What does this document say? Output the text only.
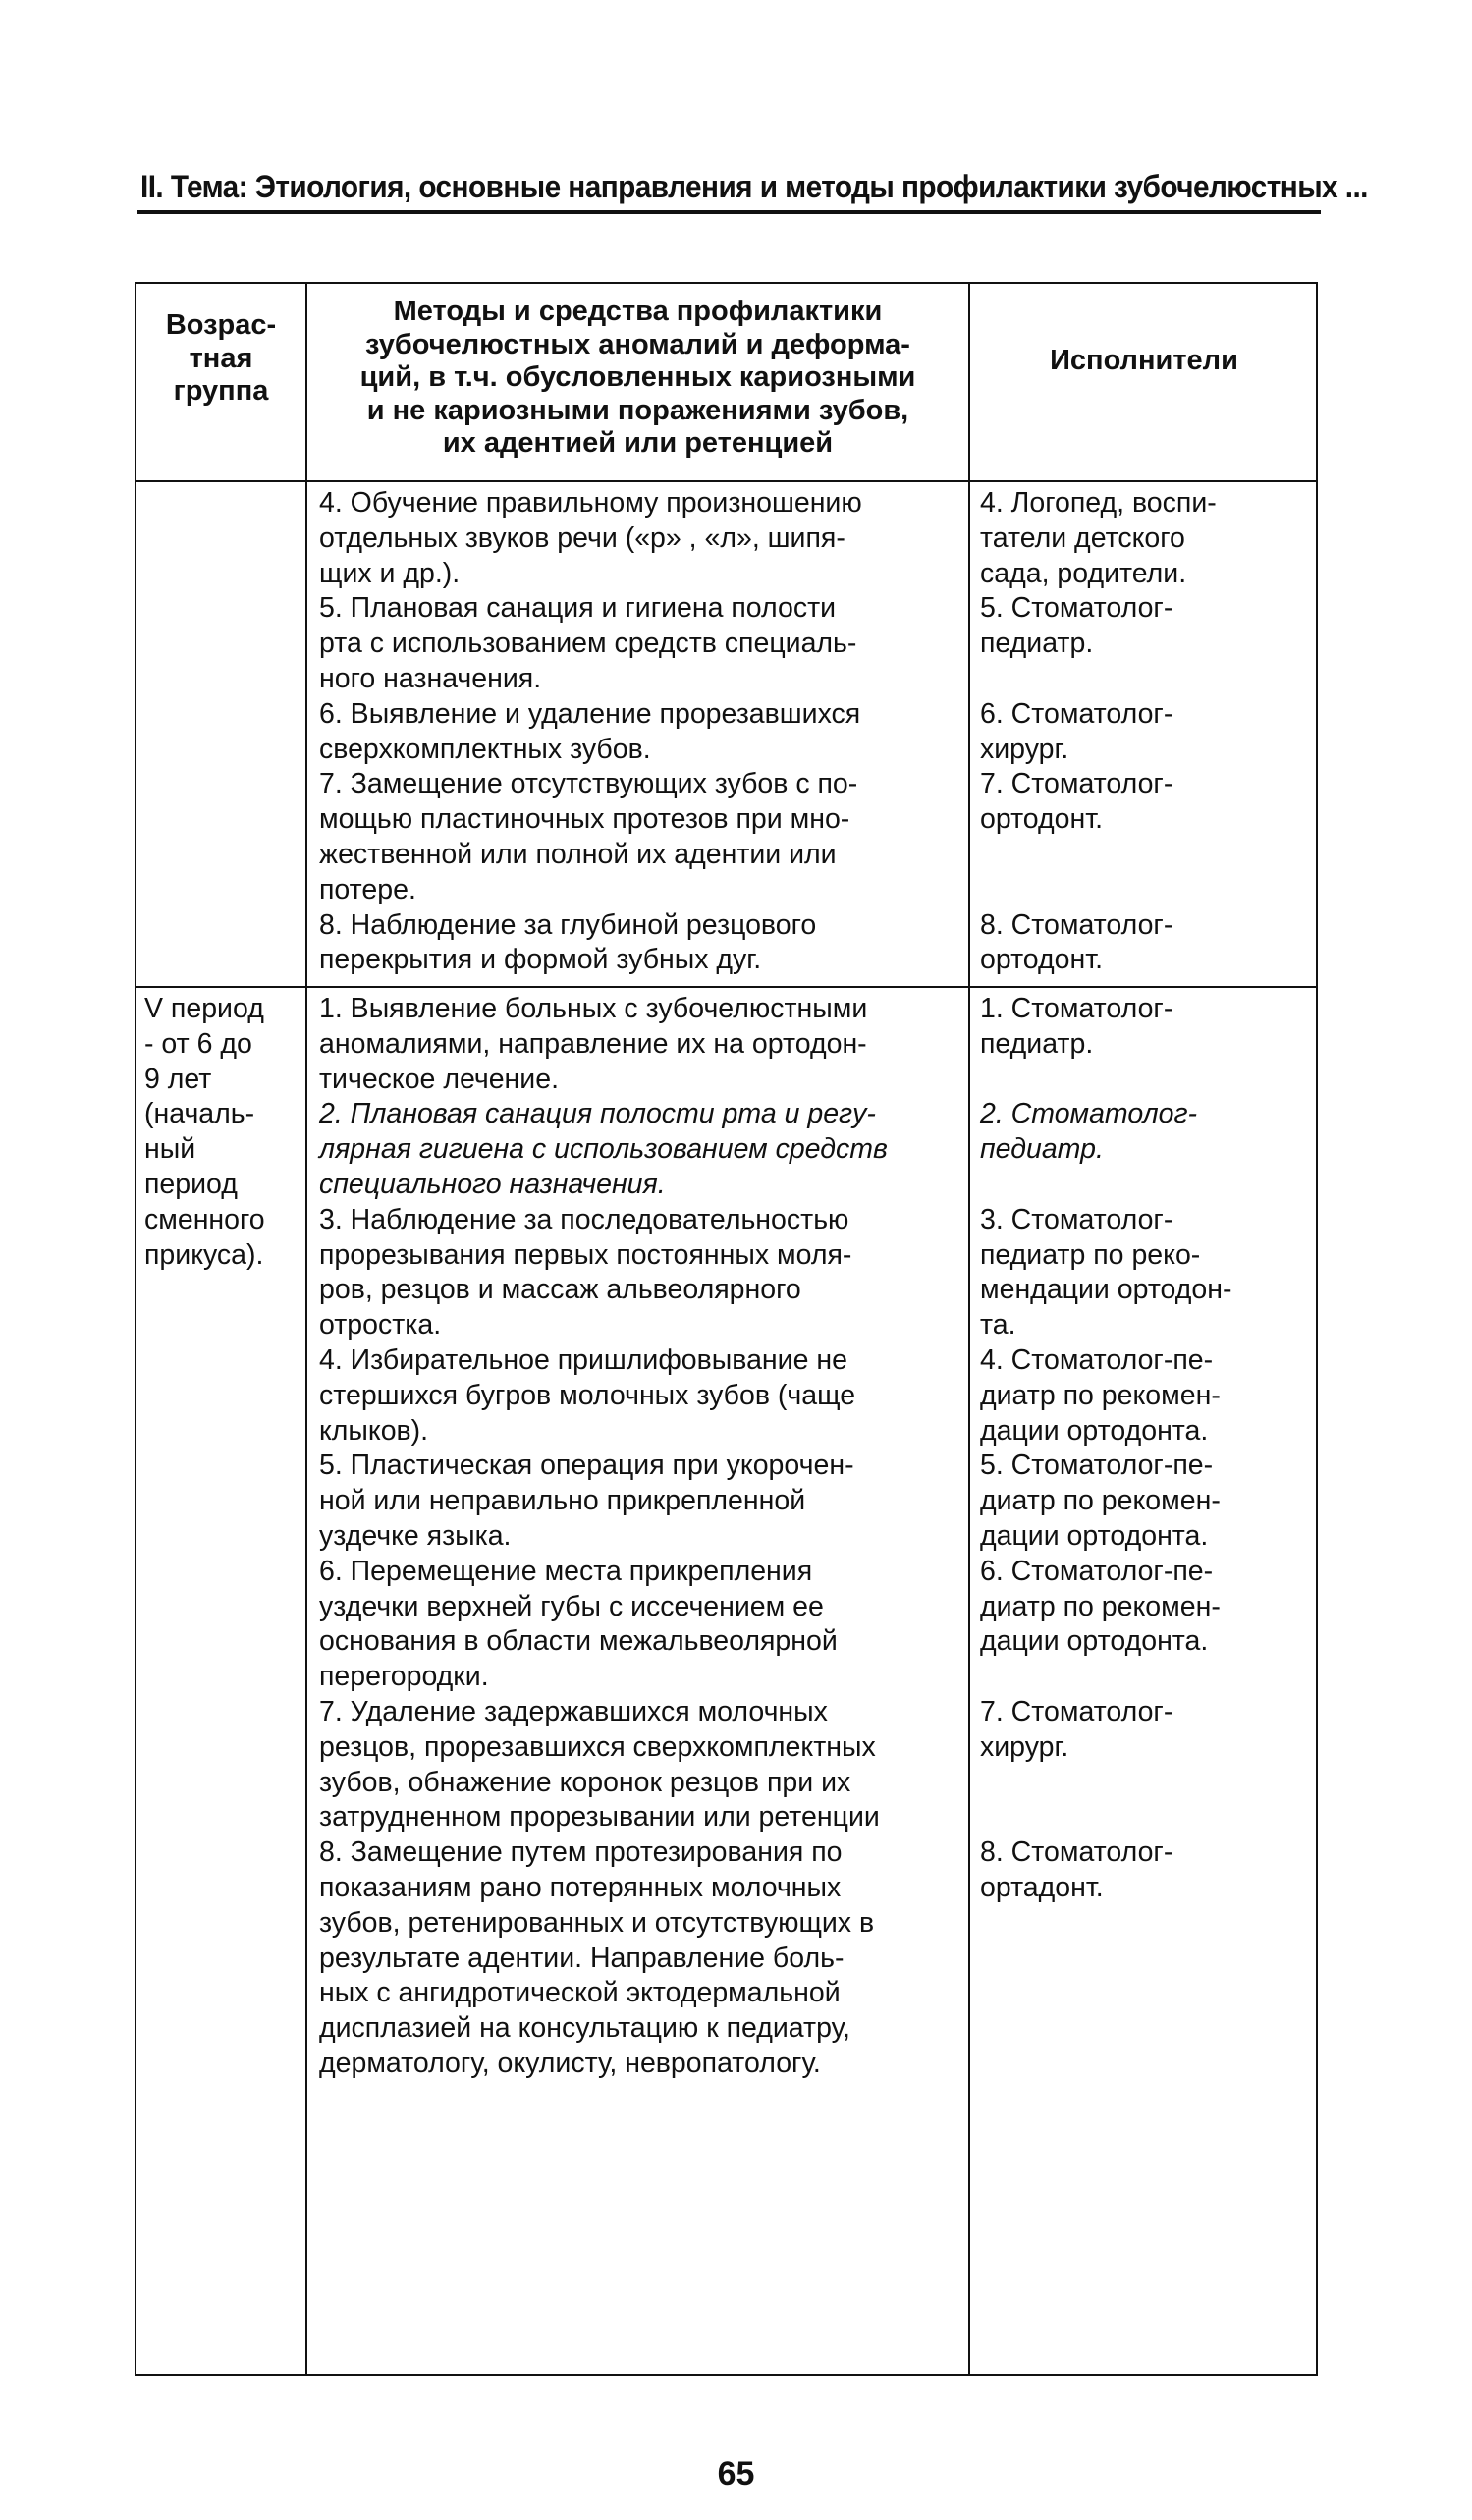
II. Тема: Этиология, основные направления и методы профилактики зубочелюстных ...
Возрас-
тная
группа
Методы и средства профилактики
зубочелюстных аномалий и деформа-
ций, в т.ч. обусловленных кариозными
и не кариозными поражениями зубов,
их адентией или ретенцией
Исполнители

4. Обучение правильному произношению
отдельных звуков речи («р» , «л», шипя-
щих и др.).

5. Плановая санация и гигиена полости
рта с использованием средств специаль-
ного назначения.

6. Выявление и удаление прорезавшихся
сверхкомплектных зубов.

7. Замещение отсутствующих зубов с по-
мощью пластиночных протезов при мно-
жественной или полной их адентии или
потере.

8. Наблюдение за глубиной резцового
перекрытия и формой зубных дуг.

4. Логопед, воспи-
татели детского
сада, родители.

5. Стоматолог-
педиатр.

6. Стоматолог-
хирург.

7. Стоматолог-
ортодонт.

8. Стоматолог-
ортодонт.

V период
- от 6 до
9 лет
(началь-
ный
период
сменного
прикуса).

1. Выявление больных с зубочелюстными
аномалиями, направление их на ортодон-
тическое лечение.

2. Плановая санация полости рта и регу-
лярная гигиена с использованием средств
специального назначения.

3. Наблюдение за последовательностью
прорезывания первых постоянных моля-
ров, резцов и массаж альвеолярного
отростка.

4. Избирательное пришлифовывание не
стершихся бугров молочных зубов (чаще
клыков).

5. Пластическая операция при укорочен-
ной или неправильно прикрепленной
уздечке языка.

6. Перемещение места прикрепления
уздечки верхней губы с иссечением ее
основания в области межальвеолярной
перегородки.

7. Удаление задержавшихся молочных
резцов, прорезавшихся сверхкомплектных
зубов, обнажение коронок резцов при их
затрудненном прорезывании или ретенции

8. Замещение путем протезирования по
показаниям рано потерянных молочных
зубов, ретенированных и отсутствующих в
результате адентии. Направление боль-
ных с ангидротической эктодермальной
дисплазией на консультацию к педиатру,
дерматологу, окулисту, невропатологу.

1. Стоматолог-
педиатр.

2. Стоматолог-
педиатр.

3. Стоматолог-
педиатр по реко-
мендации ортодон-
та.

4. Стоматолог-пе-
диатр по рекомен-
дации ортодонта.

5. Стоматолог-пе-
диатр по рекомен-
дации ортодонта.

6. Стоматолог-пе-
диатр по рекомен-
дации ортодонта.

7. Стоматолог-
хирург.

8. Стоматолог-
ортадонт.

65
